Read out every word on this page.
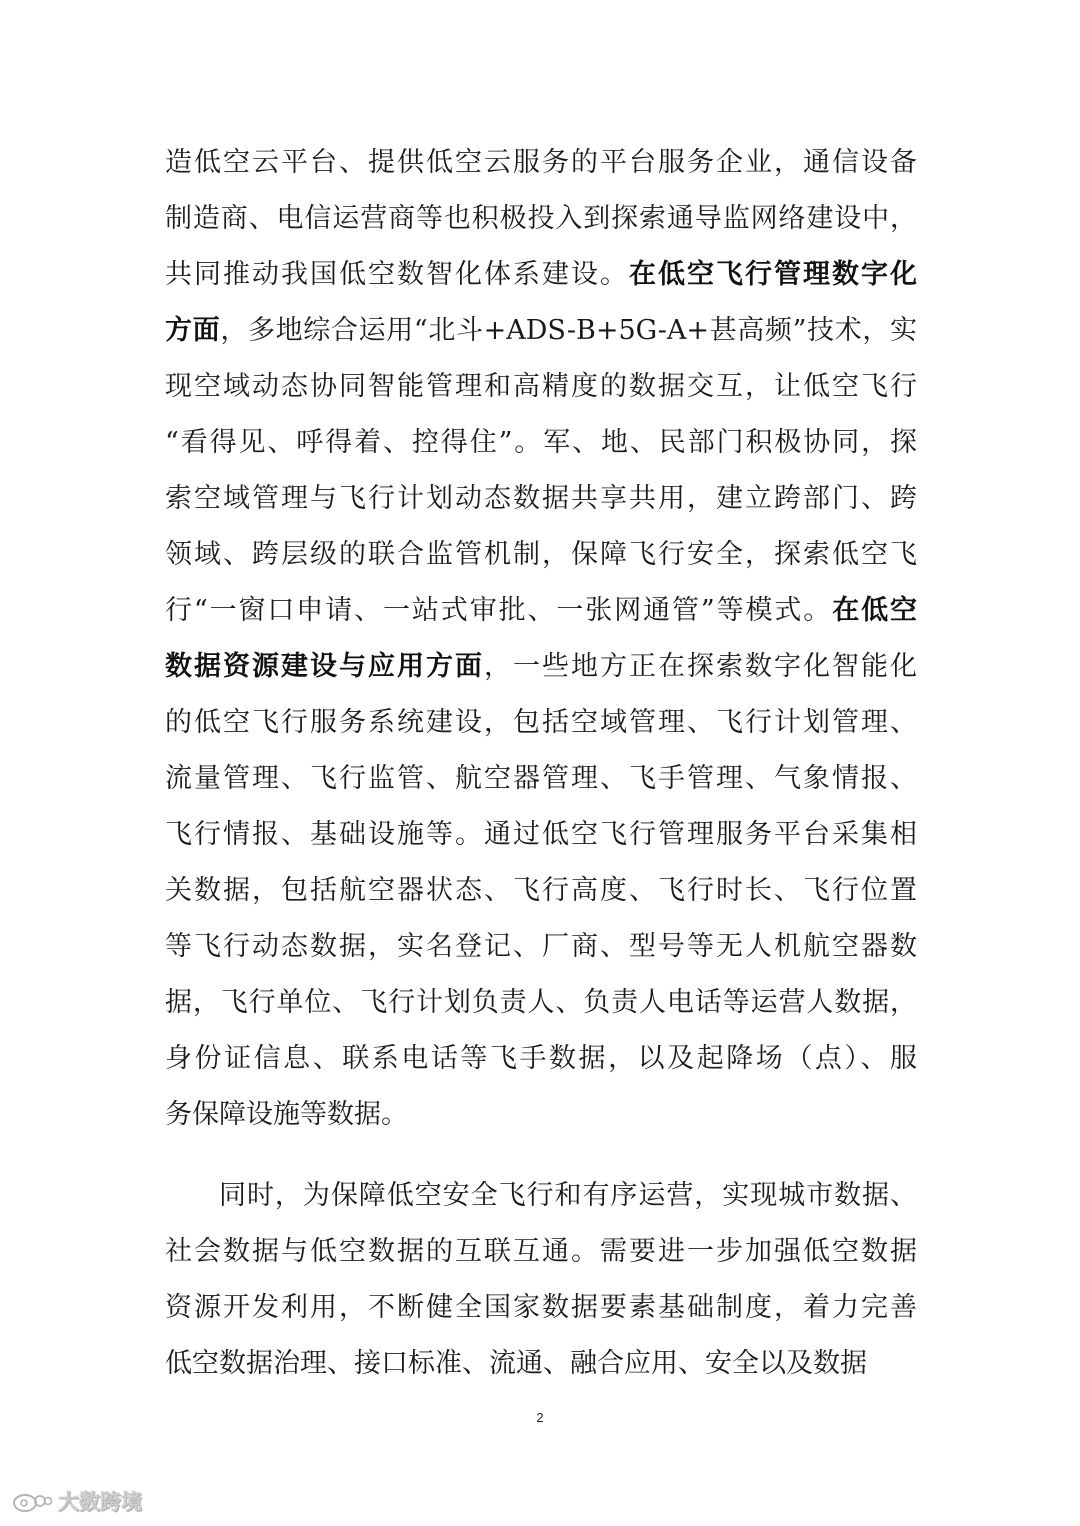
造低空云平台、提供低空云服务的平台服务企业，通信设备
制造商、电信运营商等也积极投入到探索通导监网络建设中，
共同推动我国低空数智化体系建设。在低空飞行管理数字化
方面，多地综合运用“北斗+ADS-B+5G-A+甚高频”技术，实
现空域动态协同智能管理和高精度的数据交互，让低空飞行
“看得见、呼得着、控得住”。军、地、民部门积极协同，探
索空域管理与飞行计划动态数据共享共用，建立跨部门、跨
领域、跨层级的联合监管机制，保障飞行安全，探索低空飞
行“一窗口申请、一站式审批、一张网通管”等模式。在低空
数据资源建设与应用方面，一些地方正在探索数字化智能化
的低空飞行服务系统建设，包括空域管理、飞行计划管理、
流量管理、飞行监管、航空器管理、飞手管理、气象情报、
飞行情报、基础设施等。通过低空飞行管理服务平台采集相
关数据，包括航空器状态、飞行高度、飞行时长、飞行位置
等飞行动态数据，实名登记、厂商、型号等无人机航空器数
据，飞行单位、飞行计划负责人、负责人电话等运营人数据，
身份证信息、联系电话等飞手数据，以及起降场（点）、服
务保障设施等数据。
同时，为保障低空安全飞行和有序运营，实现城市数据、
社会数据与低空数据的互联互通。需要进一步加强低空数据
资源开发利用，不断健全国家数据要素基础制度，着力完善
低空数据治理、接口标准、流通、融合应用、安全以及数据
2
大数跨境
